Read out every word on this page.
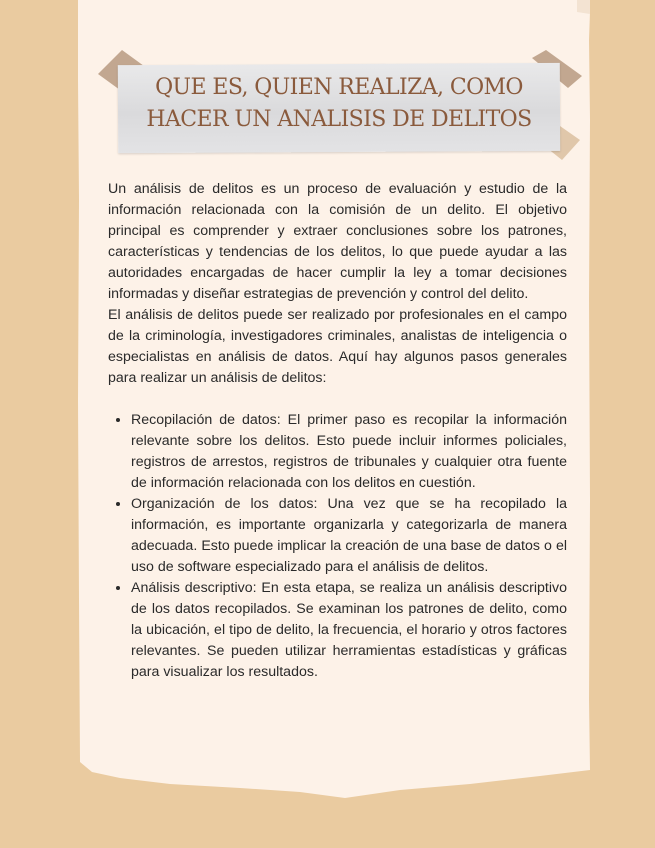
QUE ES, QUIEN REALIZA, COMO
HACER UN ANALISIS DE DELITOS

Un análisis de delitos es un proceso de evaluación y estudio de la información relacionada con la comisión de un delito. El objetivo principal es comprender y extraer conclusiones sobre los patrones, características y tendencias de los delitos, lo que puede ayudar a las autoridades encargadas de hacer cumplir la ley a tomar decisiones informadas y diseñar estrategias de prevención y control del delito.

El análisis de delitos puede ser realizado por profesionales en el campo de la criminología, investigadores criminales, analistas de inteligencia o especialistas en análisis de datos. Aquí hay algunos pasos generales para realizar un análisis de delitos:

• Recopilación de datos: El primer paso es recopilar la información relevante sobre los delitos. Esto puede incluir informes policiales, registros de arrestos, registros de tribunales y cualquier otra fuente de información relacionada con los delitos en cuestión.
• Organización de los datos: Una vez que se ha recopilado la información, es importante organizarla y categorizarla de manera adecuada. Esto puede implicar la creación de una base de datos o el uso de software especializado para el análisis de delitos.
• Análisis descriptivo: En esta etapa, se realiza un análisis descriptivo de los datos recopilados. Se examinan los patrones de delito, como la ubicación, el tipo de delito, la frecuencia, el horario y otros factores relevantes. Se pueden utilizar herramientas estadísticas y gráficas para visualizar los resultados.
